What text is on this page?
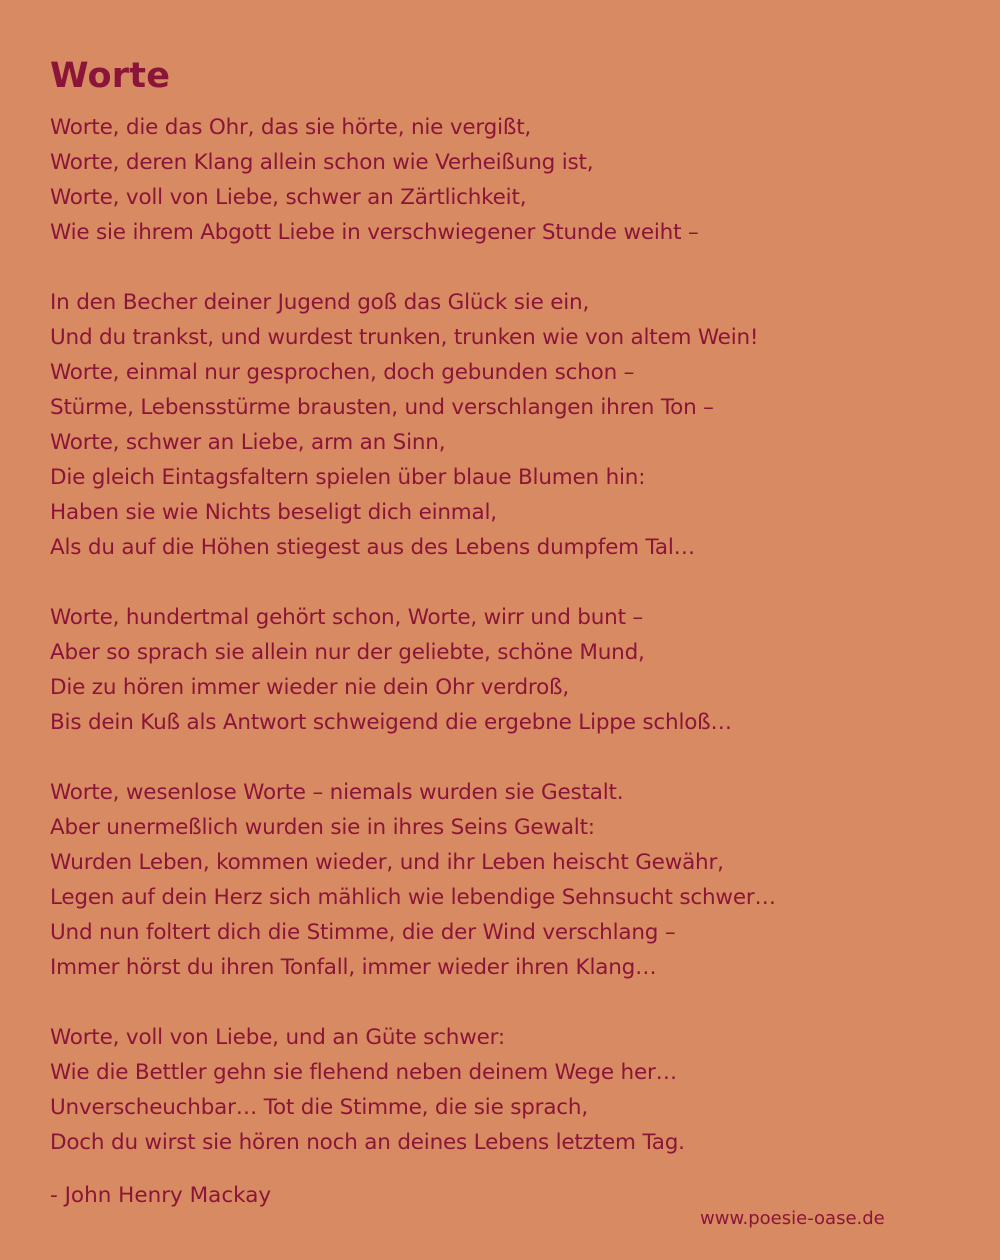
Worte
Worte, die das Ohr, das sie hörte, nie vergißt,
Worte, deren Klang allein schon wie Verheißung ist,
Worte, voll von Liebe, schwer an Zärtlichkeit,
Wie sie ihrem Abgott Liebe in verschwiegener Stunde weiht –
In den Becher deiner Jugend goß das Glück sie ein,
Und du trankst, und wurdest trunken, trunken wie von altem Wein!
Worte, einmal nur gesprochen, doch gebunden schon –
Stürme, Lebensstürme brausten, und verschlangen ihren Ton –
Worte, schwer an Liebe, arm an Sinn,
Die gleich Eintagsfaltern spielen über blaue Blumen hin:
Haben sie wie Nichts beseligt dich einmal,
Als du auf die Höhen stiegest aus des Lebens dumpfem Tal…
Worte, hundertmal gehört schon, Worte, wirr und bunt –
Aber so sprach sie allein nur der geliebte, schöne Mund,
Die zu hören immer wieder nie dein Ohr verdroß,
Bis dein Kuß als Antwort schweigend die ergebne Lippe schloß…
Worte, wesenlose Worte – niemals wurden sie Gestalt.
Aber unermeßlich wurden sie in ihres Seins Gewalt:
Wurden Leben, kommen wieder, und ihr Leben heischt Gewähr,
Legen auf dein Herz sich mählich wie lebendige Sehnsucht schwer…
Und nun foltert dich die Stimme, die der Wind verschlang –
Immer hörst du ihren Tonfall, immer wieder ihren Klang…
Worte, voll von Liebe, und an Güte schwer:
Wie die Bettler gehn sie flehend neben deinem Wege her…
Unverscheuchbar… Tot die Stimme, die sie sprach,
Doch du wirst sie hören noch an deines Lebens letztem Tag.
- John Henry Mackay
www.poesie-oase.de
